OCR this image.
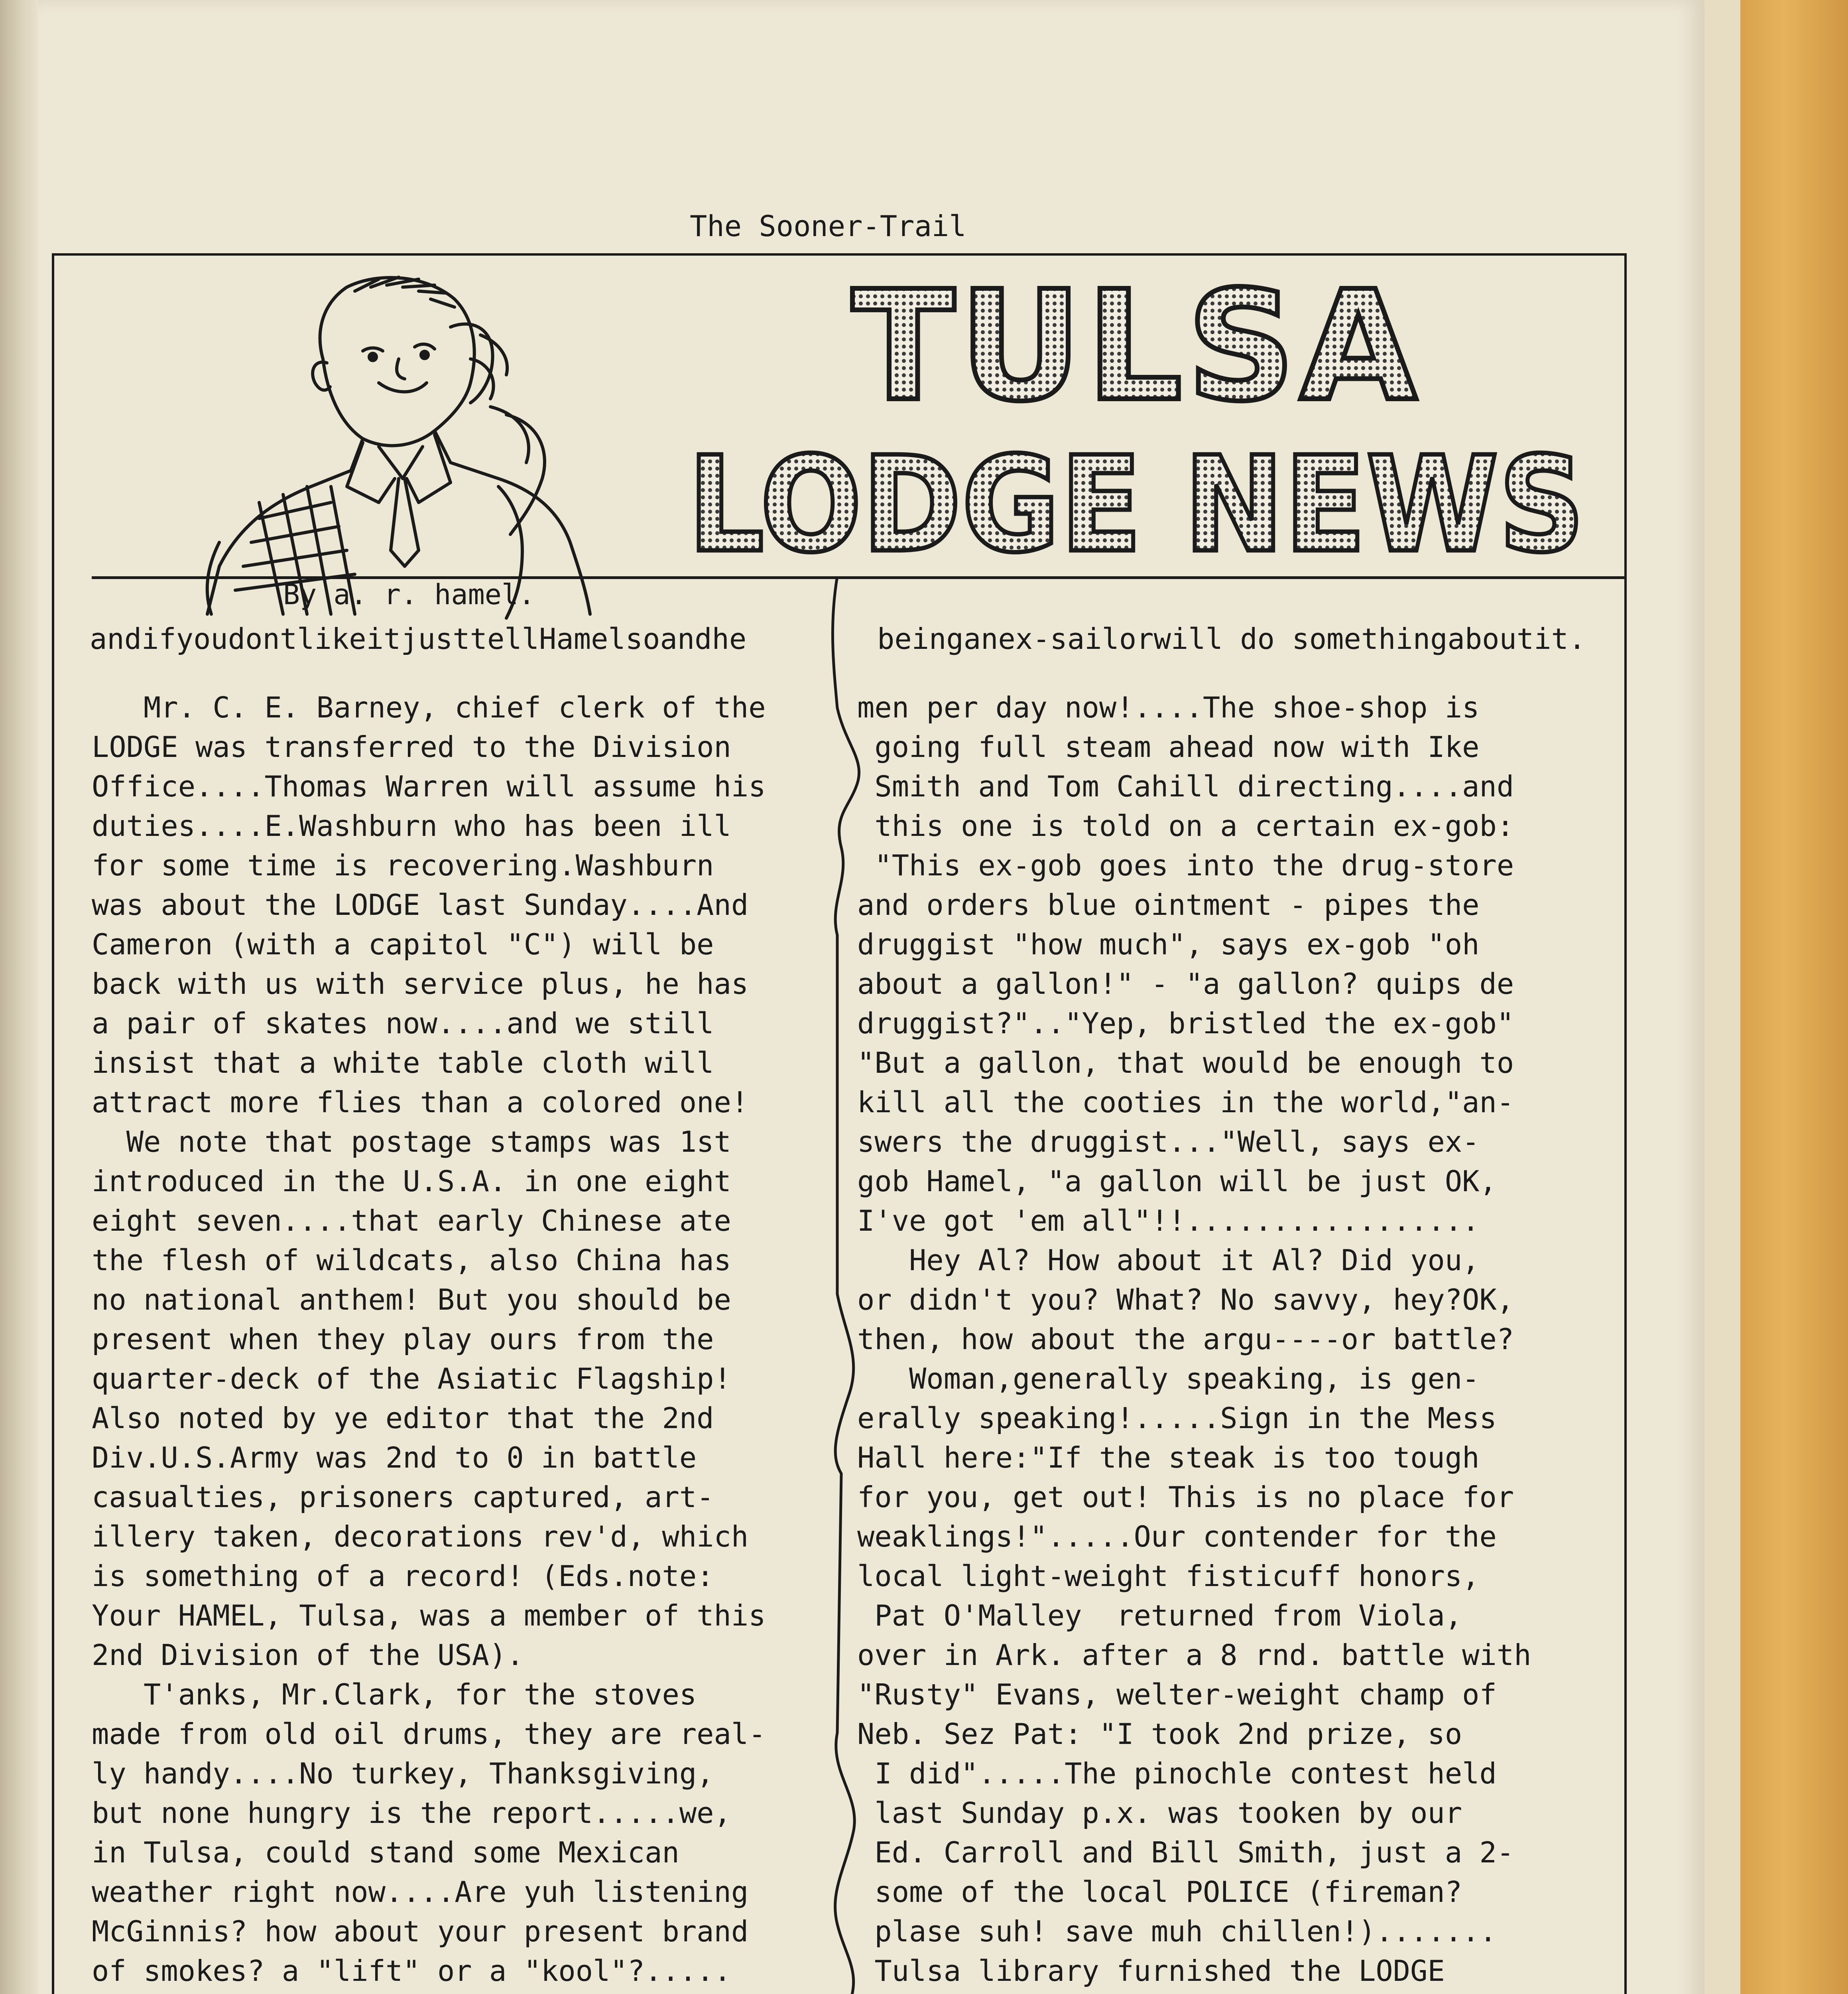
The Sooner-Trail
TULSA
LODGE NEWS
By a. r. hamel.
andifyoudontlikeitjusttellHamelsoandhe	beinganex-sailorwill do somethingaboutit.
Mr. C. E. Barney, chief clerk of the
LODGE was transferred to the Division
Office....Thomas Warren will assume his
duties....E.Washburn who has been ill
for some time is recovering.Washburn
was about the LODGE last Sunday....And
Cameron (with a capitol "C") will be
back with us with service plus, he has
a pair of skates now....and we still
insist that a white table cloth will
attract more flies than a colored one!
We note that postage stamps was 1st
introduced in the U.S.A. in one eight
eight seven....that early Chinese ate
the flesh of wildcats, also China has
no national anthem! But you should be
present when they play ours from the
quarter-deck of the Asiatic Flagship!
Also noted by ye editor that the 2nd
Div.U.S.Army was 2nd to 0 in battle
casualties, prisoners captured, art-
illery taken, decorations rev'd, which
is something of a record! (Eds.note:
Your HAMEL, Tulsa, was a member of this
2nd Division of the USA).
T'anks, Mr.Clark, for the stoves
made from old oil drums, they are real-
ly handy....No turkey, Thanksgiving,
but none hungry is the report.....we,
in Tulsa, could stand some Mexican
weather right now....Are yuh listening
McGinnis? how about your present brand
of smokes? a "lift" or a "kool"?.....
men per day now!....The shoe-shop is
going full steam ahead now with Ike
Smith and Tom Cahill directing....and
this one is told on a certain ex-gob:
"This ex-gob goes into the drug-store
and orders blue ointment - pipes the
druggist "how much", says ex-gob "oh
about a gallon!" - "a gallon? quips de
druggist?".."Yep, bristled the ex-gob"
"But a gallon, that would be enough to
kill all the cooties in the world,"an-
swers the druggist..."Well, says ex-
gob Hamel, "a gallon will be just OK,
I've got 'em all"!!.................
Hey Al? How about it Al? Did you,
or didn't you? What? No savvy, hey?OK,
then, how about the argu----or battle?
Woman,generally speaking, is gen-
erally speaking!.....Sign in the Mess
Hall here:"If the steak is too tough
for you, get out! This is no place for
weaklings!".....Our contender for the
local light-weight fisticuff honors,
Pat O'Malley  returned from Viola,
over in Ark. after a 8 rnd. battle with
"Rusty" Evans, welter-weight champ of
Neb. Sez Pat: "I took 2nd prize, so
I did".....The pinochle contest held
last Sunday p.x. was tooken by our
Ed. Carroll and Bill Smith, just a 2-
some of the local POLICE (fireman?
plase suh! save muh chillen!).......
Tulsa library furnished the LODGE
